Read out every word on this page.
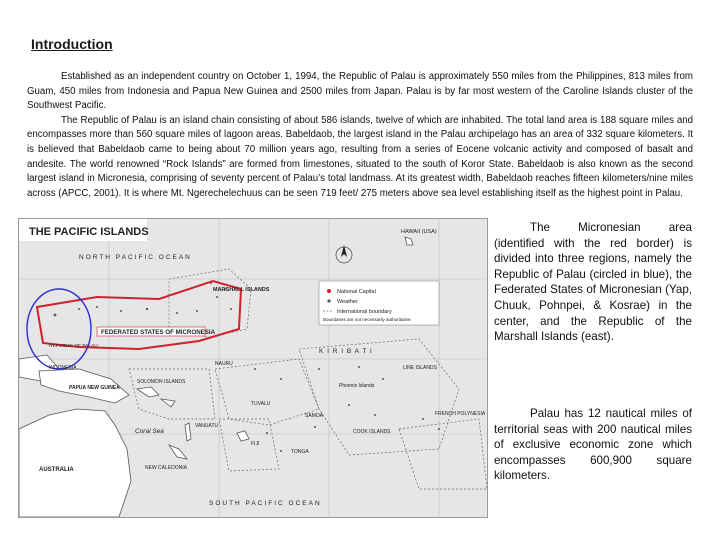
Introduction

Established as an independent country on October 1, 1994, the Republic of Palau is approximately 550 miles from the Philippines, 813 miles from Guam, 450 miles from Indonesia and Papua New Guinea and 2500 miles from Japan. Palau is by far most western of the Caroline Islands cluster of the Southwest Pacific.

The Republic of Palau is an island chain consisting of about 586 islands, twelve of which are inhabited. The total land area is 188 square miles and encompasses more than 560 square miles of lagoon areas. Babeldaob, the largest island in the Palau archipelago has an area of 332 square kilometers. It is believed that Babeldaob came to being about 70 million years ago, resulting from a series of Eocene volcanic activity and composed of basalt and andesite. The world renowned “Rock Islands” are formed from limestones, situated to the south of Koror State. Babeldaob is also known as the second largest island in Micronesia, comprising of seventy percent of Palau’s total landmass. At its greatest width, Babeldaob reaches fifteen kilometers/nine miles across (APCC, 2001). It is where Mt. Ngerechelechuus can be seen 719 feet/ 275 meters above sea level establishing itself as the highest point in Palau.

THE PACIFIC ISLANDS
NORTH PACIFIC OCEAN
FEDERATED STATES OF MICRONESIA
National Capital
Weather
International boundary
Boundaries are not necessarily authoritative.
HAWAII (USA)
MARSHALL ISLANDS
REPUBLIC OF PALAU
INDONESIA
PAPUA NEW GUINEA
SOLOMON ISLANDS
VANUATU
NEW CALEDONIA
FIJI
TONGA
SAMOA
TUVALU
NAURU
Phoenix Islands
LINE ISLANDS
COOK ISLANDS
FRENCH POLYNESIA
K I R I B A T I
AUSTRALIA
Coral Sea
SOUTH PACIFIC OCEAN

The Micronesian area (identified with the red border) is divided into three regions, namely the Republic of Palau (circled in blue), the Federated States of Micronesian (Yap, Chuuk, Pohnpei, & Kosrae) in the center, and the Republic of the Marshall Islands (east).

Palau has 12 nautical miles of territorial seas with 200 nautical miles of exclusive economic zone which encompasses 600,900 square kilometers.
